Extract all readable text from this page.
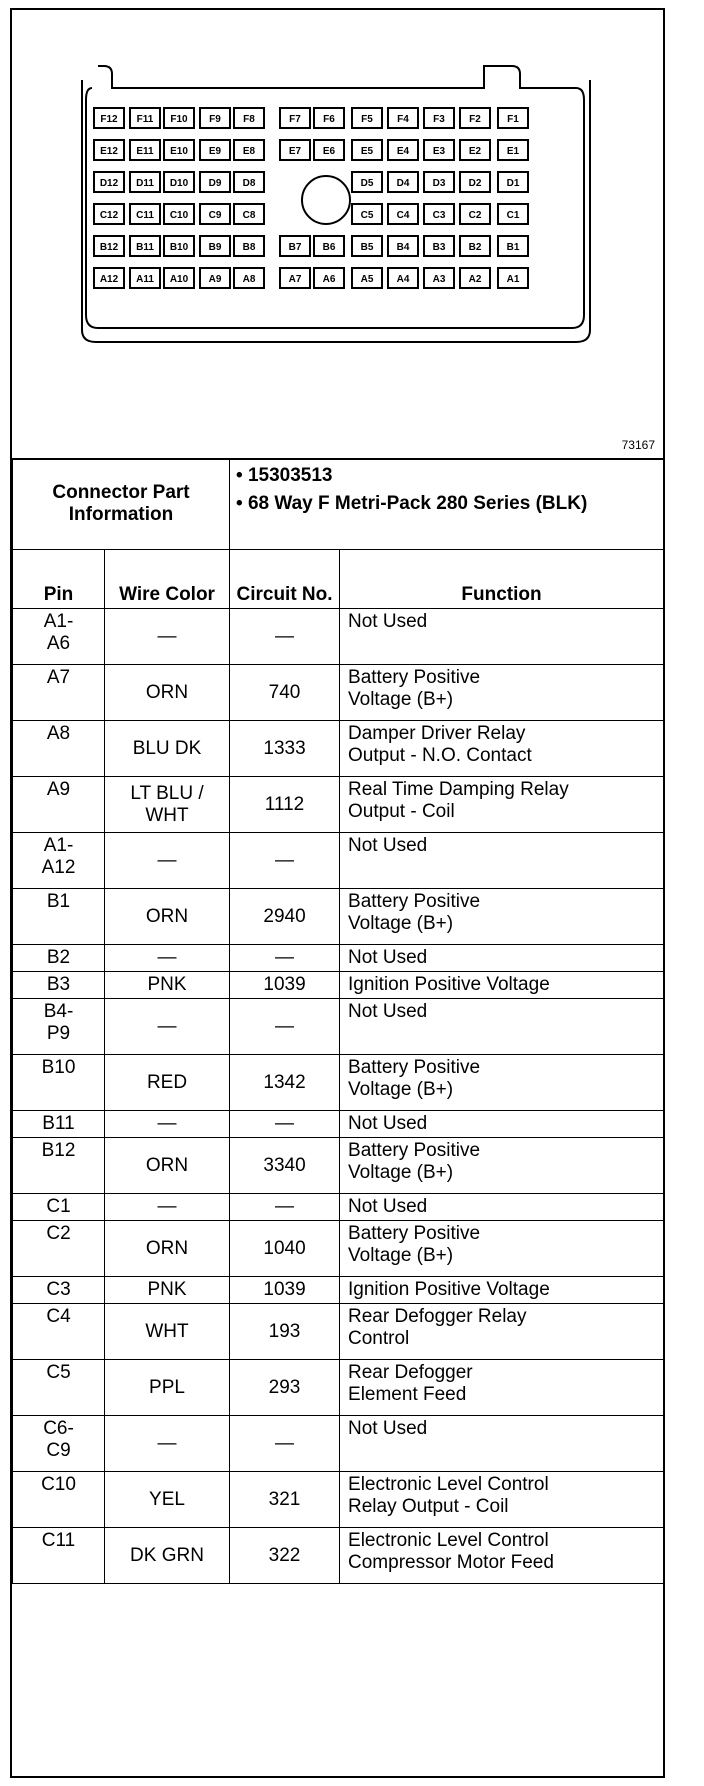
F12 F11 F10 F9 F8	F7 F6	F5 F4 F3 F2	F1
E12 E11 E10 E9 E8	E7 E6	E5 E4 E3 E2	E1
D12 D11 D10 D9 D8	D5 D4 D3 D2	D1
C12 C11 C10 C9 C8	C5 C4 C3 C2	C1
B12 B11 B10 B9 B8	B7 B6	B5 B4 B3 B2	B1
A12 A11 A10 A9 A8	A7 A6	A5 A4 A3 A2	A1
73167
Connector Part Information		• 15303513
• 68 Way F Metri-Pack 280 Series (BLK)	

Pin	Wire Color	Circuit No.	Function
A1-
A6	—	—	Not Used
A7	ORN	740	Battery Positive
Voltage (B+)
A8	BLU DK	1333	Damper Driver Relay
Output - N.O. Contact
A9	LT BLU /
WHT	1112	Real Time Damping Relay
Output - Coil
A1-
A12	—	—	Not Used
B1	ORN	2940	Battery Positive
Voltage (B+)
B2	—	—	Not Used
B3	PNK	1039	Ignition Positive Voltage
B4-
P9	—	—	Not Used
B10	RED	1342	Battery Positive
Voltage (B+)
B11	—	—	Not Used
B12	ORN	3340	Battery Positive
Voltage (B+)
C1	—	—	Not Used
C2	ORN	1040	Battery Positive
Voltage (B+)
C3	PNK	1039	Ignition Positive Voltage
C4	WHT	193	Rear Defogger Relay
Control
C5	PPL	293	Rear Defogger
Element Feed
C6-
C9	—	—	Not Used
C10	YEL	321	Electronic Level Control
Relay Output - Coil
C11	DK GRN	322	Electronic Level Control
Compressor Motor Feed
